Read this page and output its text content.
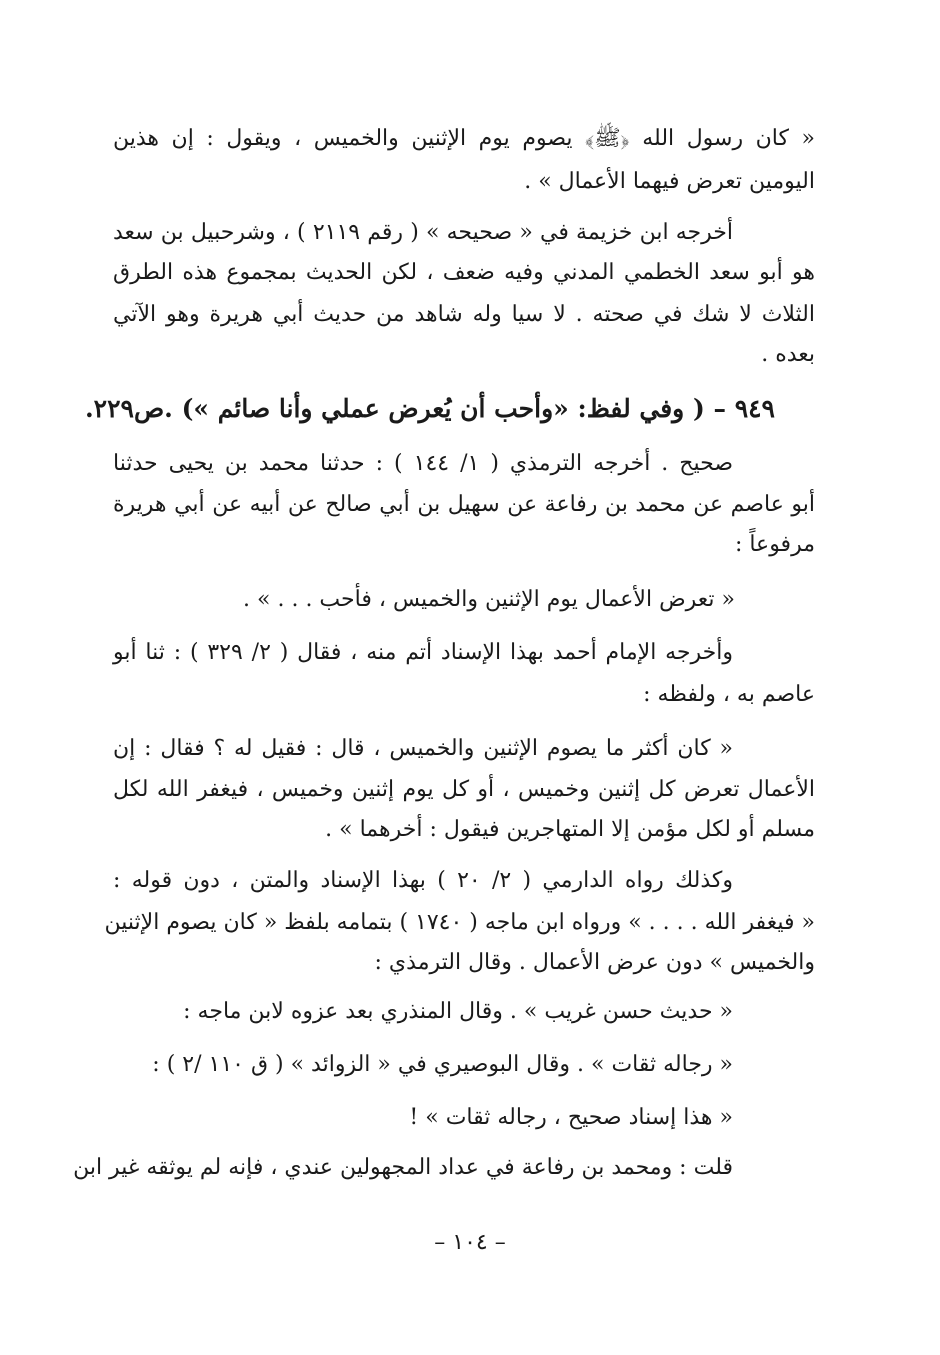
« كان رسول الله ﴿ﷺ﴾ يصوم يوم الإثنين والخميس ، ويقول : إن هذين
اليومين تعرض فيهما الأعمال » .
أخرجه ابن خزيمة في « صحيحه » ( رقم ٢١١٩ ) ، وشرحبيل بن سعد
هو أبو سعد الخطمي المدني وفيه ضعف ، لكن الحديث بمجموع هذه الطرق
الثلاث لا شك في صحته . لا سيا وله شاهد من حديث أبي هريرة وهو الآتي
بعده .
٩٤٩ – ( وفي لفظ: «وأحب أن يُعرض عملي وأنا صائم ») .ص٢٢٩.
صحيح . أخرجه الترمذي ( ١/ ١٤٤ ) : حدثنا محمد بن يحيى حدثنا
أبو عاصم عن محمد بن رفاعة عن سهيل بن أبي صالح عن أبيه عن أبي هريرة
مرفوعاً :
« تعرض الأعمال يوم الإثنين والخميس ، فأحب . . . » .
وأخرجه الإمام أحمد بهذا الإسناد أتم منه ، فقال ( ٢/ ٣٢٩ ) : ثنا أبو
عاصم به ، ولفظه :
« كان أكثر ما يصوم الإثنين والخميس ، قال : فقيل له ؟ فقال : إن
الأعمال تعرض كل إثنين وخميس ، أو كل يوم إثنين وخميس ، فيغفر الله لكل
مسلم أو لكل مؤمن إلا المتهاجرين فيقول : أخرهما » .
وكذلك رواه الدارمي ( ٢/ ٢٠ ) بهذا الإسناد والمتن ، دون قوله :
« فيغفر الله . . . . » ورواه ابن ماجه ( ١٧٤٠ ) بتمامه بلفظ « كان يصوم الإثنين
والخميس » دون عرض الأعمال . وقال الترمذي :
« حديث حسن غريب » . وقال المنذري بعد عزوه لابن ماجه :
« رجاله ثقات » . وقال البوصيري في « الزوائد » ( ق ١١٠ /٢ ) :
« هذا إسناد صحيح ، رجاله ثقات » !
قلت : ومحمد بن رفاعة في عداد المجهولين عندي ، فإنه لم يوثقه غير ابن
– ١٠٤ –
